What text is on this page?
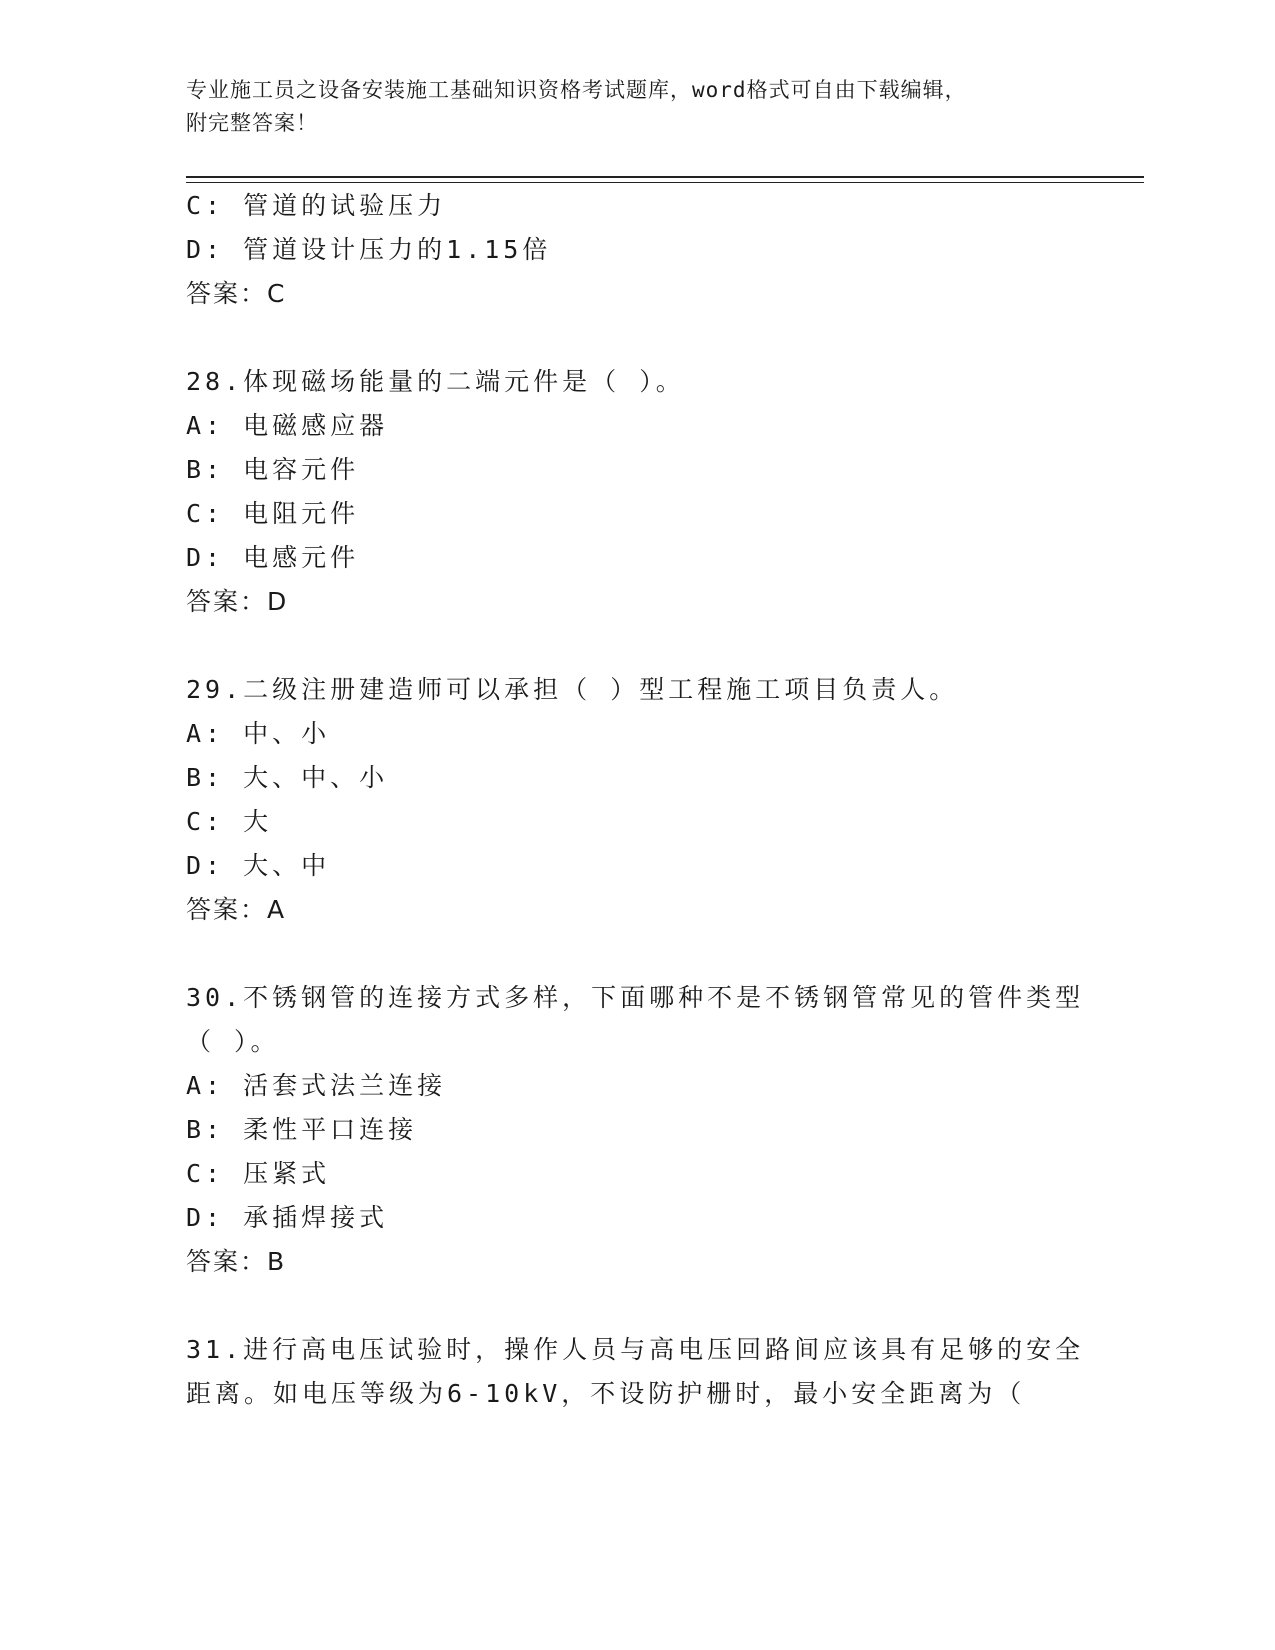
专业施工员之设备安装施工基础知识资格考试题库，word格式可自由下载编辑，
附完整答案！
C: 管道的试验压力
D: 管道设计压力的1.15倍
答案：C
28.体现磁场能量的二端元件是（ ）。
A: 电磁感应器
B: 电容元件
C: 电阻元件
D: 电感元件
答案：D
29.二级注册建造师可以承担（ ）型工程施工项目负责人。
A: 中、小
B: 大、中、小
C: 大
D: 大、中
答案：A
30.不锈钢管的连接方式多样，下面哪种不是不锈钢管常见的管件类型
（ ）。
A: 活套式法兰连接
B: 柔性平口连接
C: 压紧式
D: 承插焊接式
答案：B
31.进行高电压试验时，操作人员与高电压回路间应该具有足够的安全
距离。如电压等级为6-10kV，不设防护栅时，最小安全距离为（
